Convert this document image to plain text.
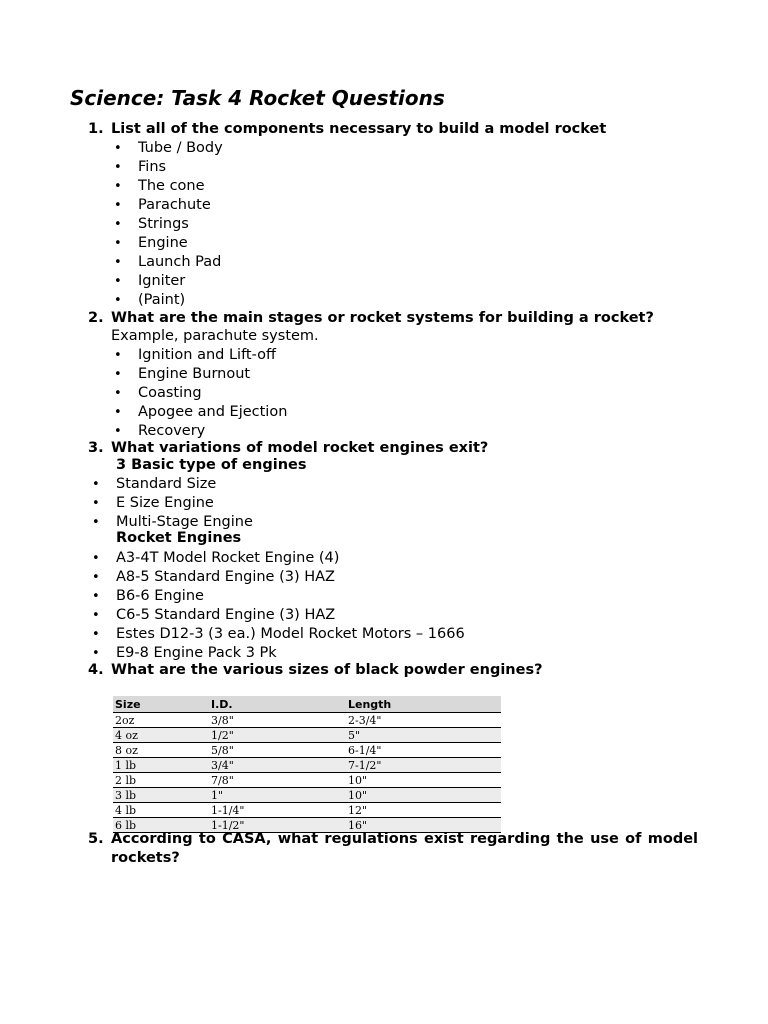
Science: Task 4 Rocket Questions
1. List all of the components necessary to build a model rocket
• Tube / Body
• Fins
• The cone
• Parachute
• Strings
• Engine
• Launch Pad
• Igniter
• (Paint)
2. What are the main stages or rocket systems for building a rocket?
Example, parachute system.
• Ignition and Lift-off
• Engine Burnout
• Coasting
• Apogee and Ejection
• Recovery
3. What variations of model rocket engines exit?
3 Basic type of engines
• Standard Size
• E Size Engine
• Multi-Stage Engine
Rocket Engines
• A3-4T Model Rocket Engine (4)
• A8-5 Standard Engine (3) HAZ
• B6-6 Engine
• C6-5 Standard Engine (3) HAZ
• Estes D12-3 (3 ea.) Model Rocket Motors – 1666
• E9-8 Engine Pack 3 Pk
4. What are the various sizes of black powder engines?
Size	I.D.	Length
2oz	3/8"	2-3/4"
4 oz	1/2"	5"
8 oz	5/8"	6-1/4"
1 lb	3/4"	7-1/2"
2 lb	7/8"	10"
3 lb	1"	10"
4 lb	1-1/4"	12"
6 lb	1-1/2"	16"
5. According to CASA, what regulations exist regarding the use of model rockets?
